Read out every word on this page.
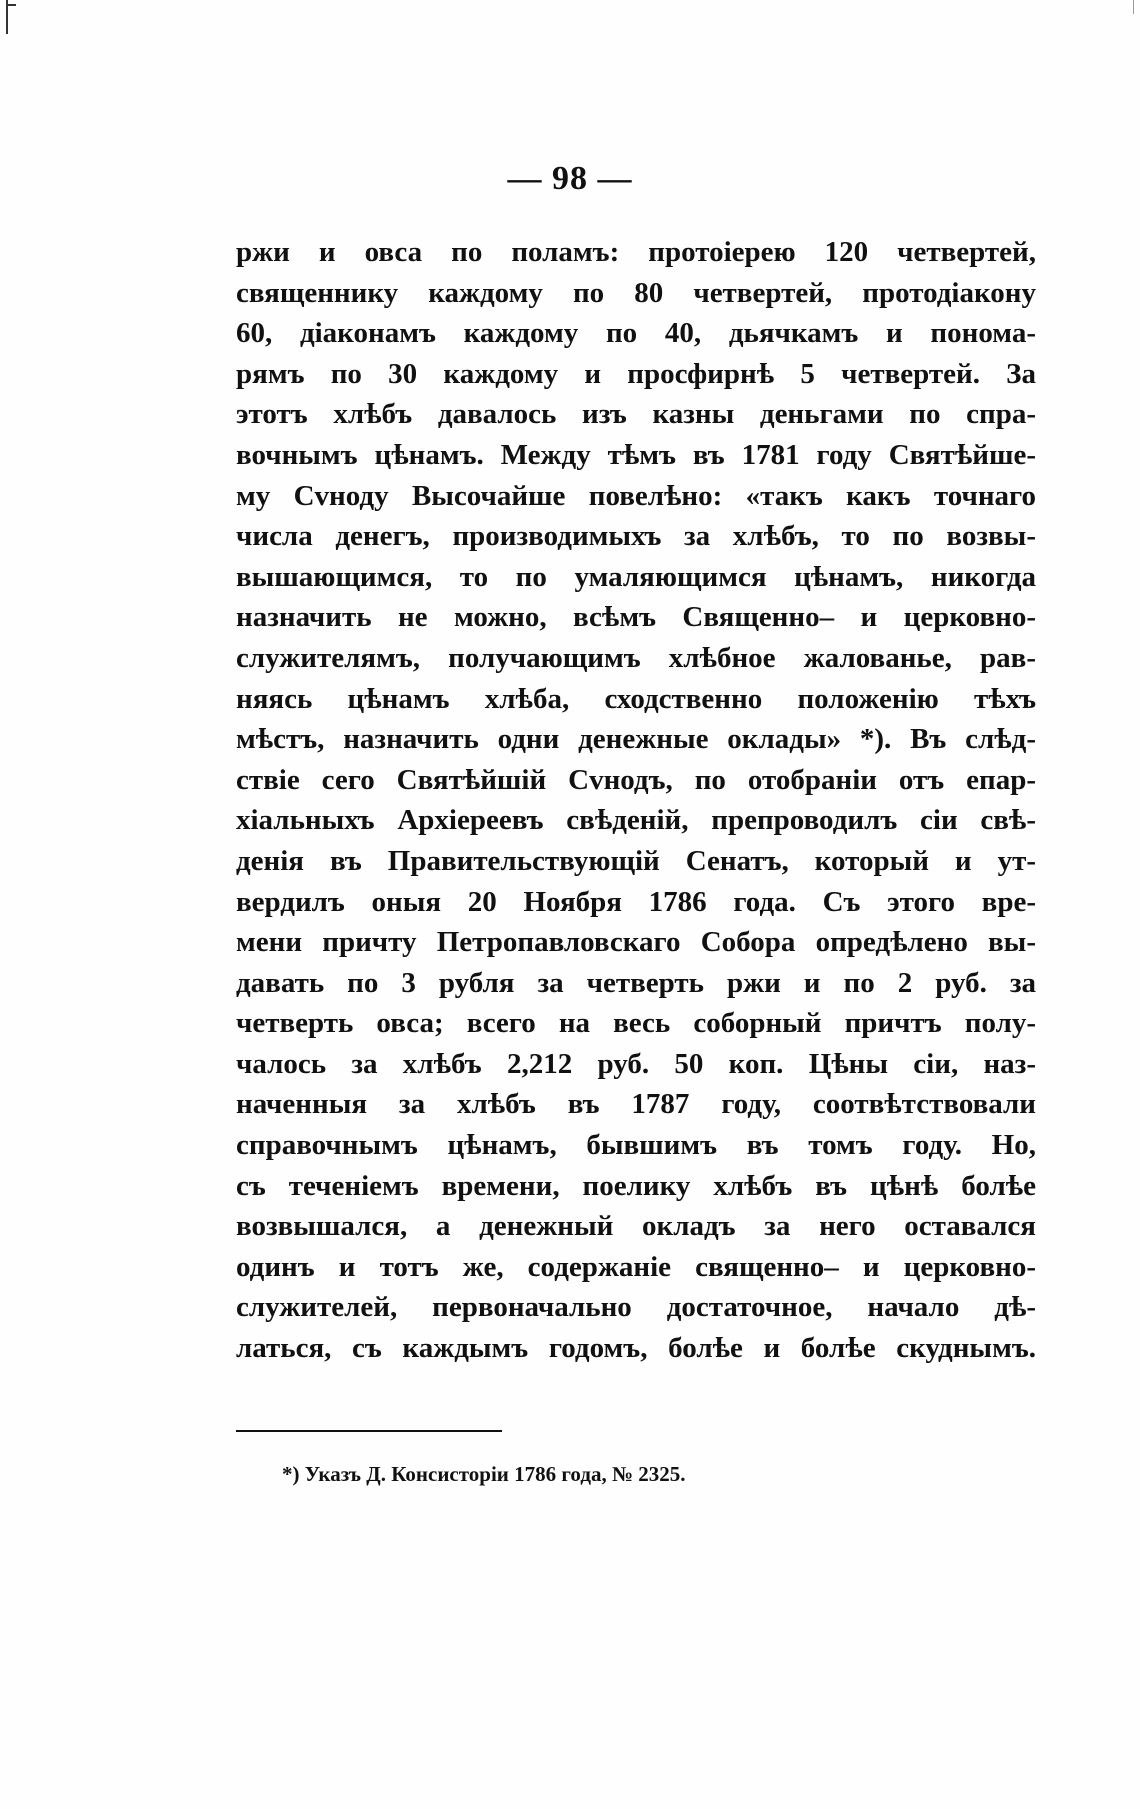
— 98 —
ржи и овса по поламъ: протоіерею 120 четвертей,
священнику каждому по 80 четвертей, протодіакону
60, діаконамъ каждому по 40, дьячкамъ и понома-
рямъ по 30 каждому и просфирнѣ 5 четвертей. За
этотъ хлѣбъ давалось изъ казны деньгами по спра-
вочнымъ цѣнамъ. Между тѣмъ въ 1781 году Святѣйше-
му Сvноду Высочайше повелѣно: «такъ какъ точнаго
числа денегъ, производимыхъ за хлѣбъ, то по возвы-
вышающимся, то по умаляющимся цѣнамъ, никогда
назначить не можно, всѣмъ Священно– и церковно-
служителямъ, получающимъ хлѣбное жалованье, рав-
няясь цѣнамъ хлѣба, сходственно положенію тѣхъ
мѣстъ, назначить одни денежные оклады» *). Въ слѣд-
ствіе сего Святѣйшій Сvнодъ, по отобраніи отъ епар-
хіальныхъ Архіереевъ свѣденій, препроводилъ сіи свѣ-
денія въ Правительствующій Сенатъ, который и ут-
вердилъ оныя 20 Ноября 1786 года. Съ этого вре-
мени причту Петропавловскаго Собора опредѣлено вы-
давать по 3 рубля за четверть ржи и по 2 руб. за
четверть овса; всего на весь соборный причтъ полу-
чалось за хлѣбъ 2,212 руб. 50 коп. Цѣны сіи, наз-
наченныя за хлѣбъ въ 1787 году, соотвѣтствовали
справочнымъ цѣнамъ, бывшимъ въ томъ году. Но,
съ теченіемъ времени, поелику хлѣбъ въ цѣнѣ болѣе
возвышался, а денежный окладъ за него оставался
одинъ и тотъ же, содержаніе священно– и церковно-
служителей, первоначально достаточное, начало дѣ-
латься, съ каждымъ годомъ, болѣе и болѣе скуднымъ.
*) Указъ Д. Консисторіи 1786 года, № 2325.
